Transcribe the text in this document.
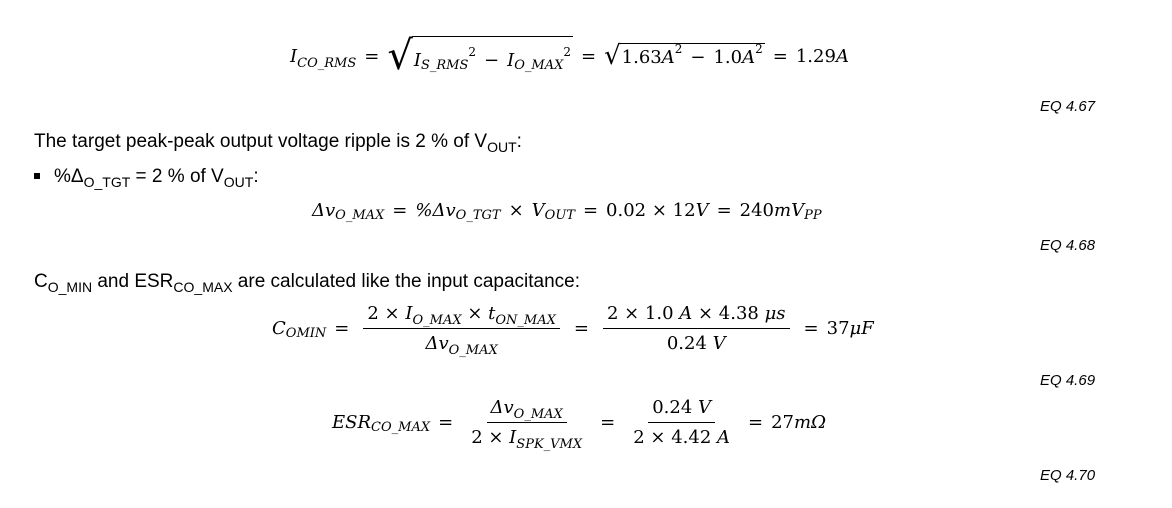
$I_{CO\_RMS}$ = √ I S_RMS
2 − I O_MAX
2 = √ 1.63 A 2 − 1.0 A 2 = 1.29 A
EQ 4.67
The target peak-peak output voltage ripple is 2 % of $V_{OUT}$:
$\%\Delta_{O\_TGT} = 2$ % of $V_{OUT}$:
Δv O_MAX = %Δv O_TGT × V OUT = 0.02 × 12 V = 240 mV PP
EQ 4.68
$C_{O\_MIN}$ and $ESR_{CO\_MAX}$ are calculated like the input capacitance:
C OMIN = $\frac{2 \times I_{O\_MAX} \times t_{ON\_MAX}}{\Delta v_{O\_MAX}} = \frac{2 \times 1.0 A \times 4.38 \mu s}{0.24 V} = 37$ μF
EQ 4.69
ESR CO_MAX = $\frac{\Delta v_{O\_MAX}}{2 \times I_{SPK\_VMX}} = \frac{0.24 V}{2 \times 4.42 A} = 27$ mΩ
EQ 4.70
